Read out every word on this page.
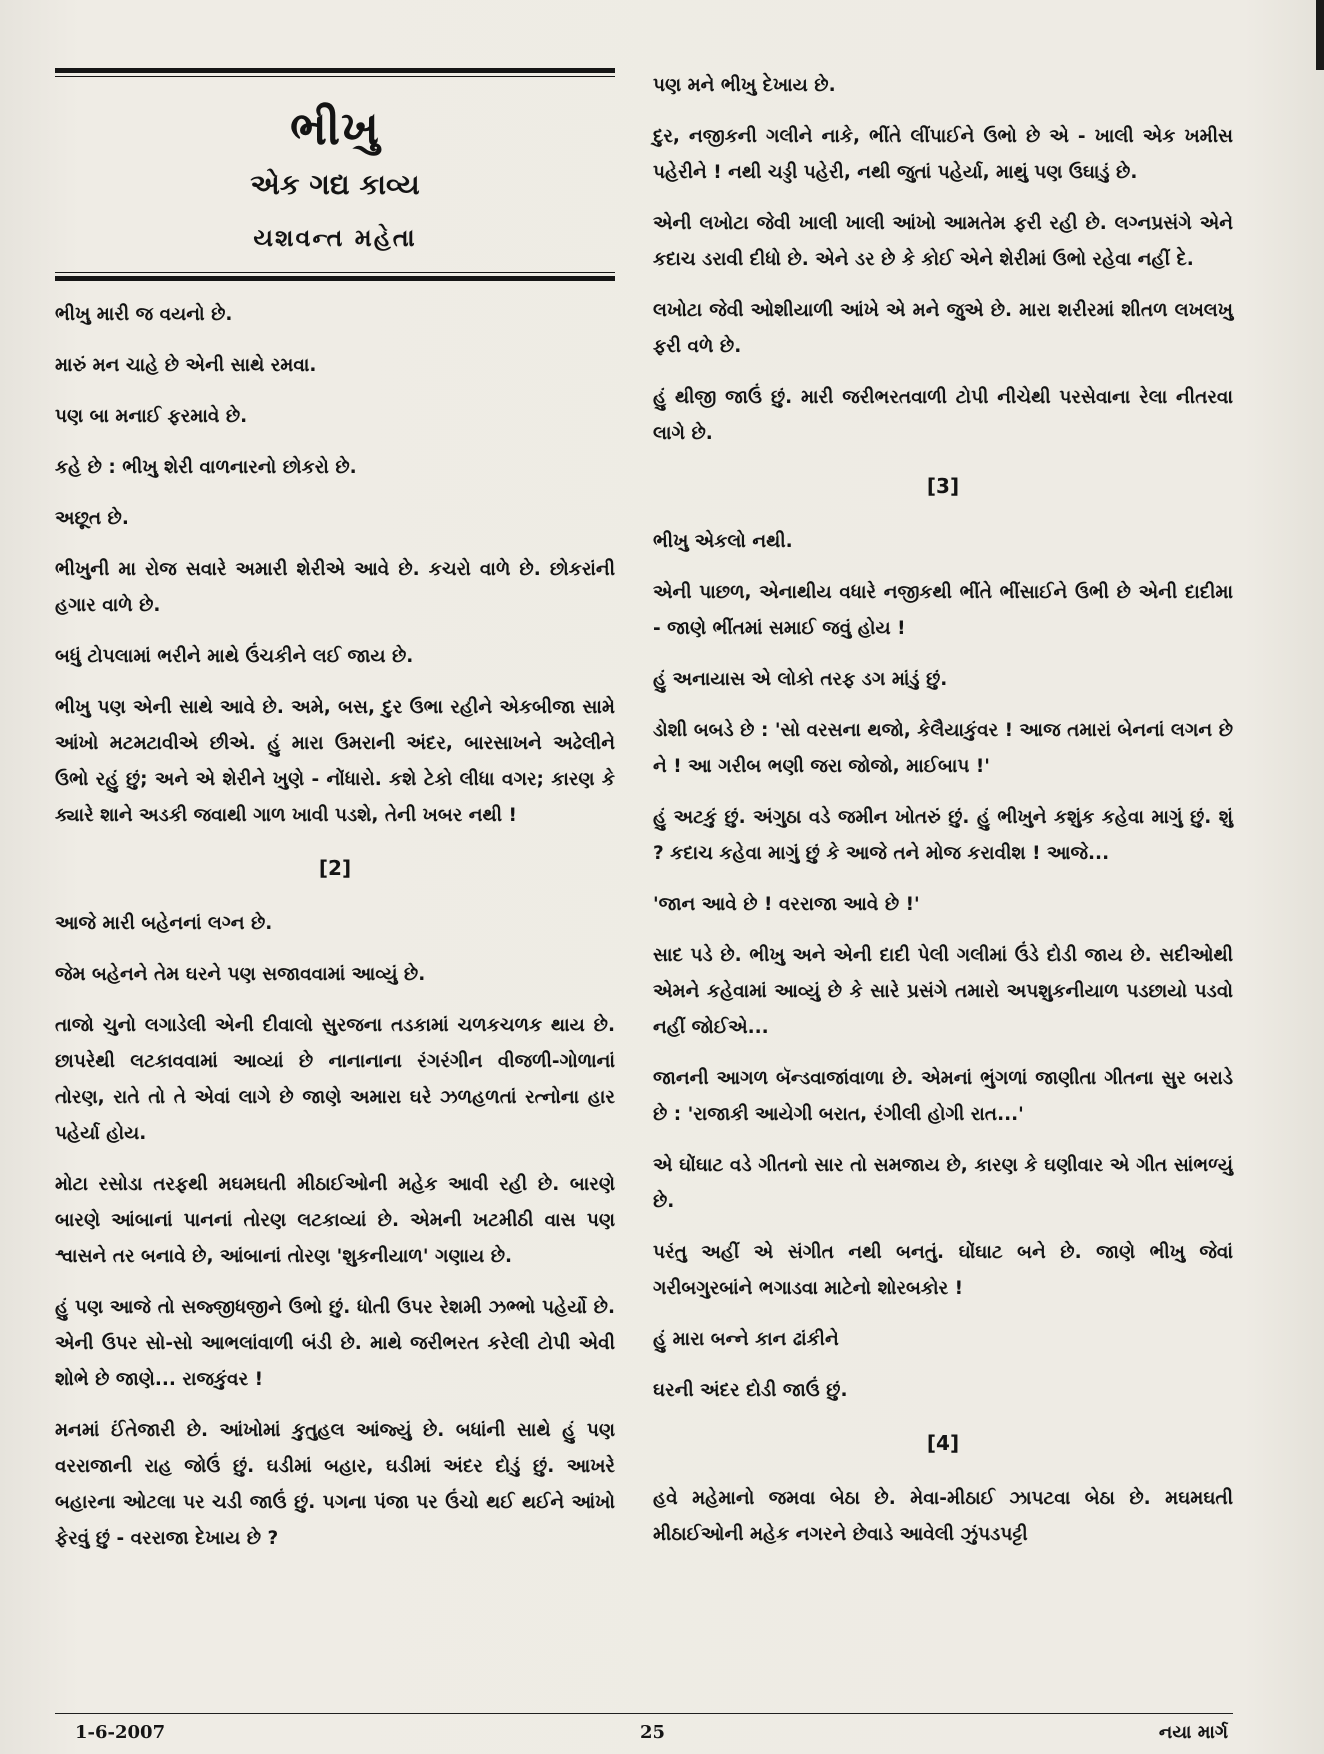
ભીખુ
એક ગદ્ય કાવ્ય
યશવન્ત મહેતા

ભીખુ મારી જ વયનો છે.

મારું મન ચાહે છે એની સાથે રમવા.

પણ બા મનાઈ ફરમાવે છે.

કહે છે : ભીખુ શેરી વાળનારનો છોકરો છે.

અછૂત છે.

ભીખુની મા રોજ સવારે અમારી શેરીએ આવે છે. કચરો વાળે છે. છોકરાંની હગાર વાળે છે.

બધું ટોપલામાં ભરીને માથે ઉંચકીને લઈ જાય છે.

ભીખુ પણ એની સાથે આવે છે. અમે, બસ, દુર ઉભા રહીને એકબીજા સામે આંખો મટમટાવીએ છીએ. હું મારા ઉમરાની અંદર, બારસાખને અઢેલીને ઉભો રહું છું; અને એ શેરીને ખુણે - નોંધારો. કશે ટેકો લીધા વગર; કારણ કે ક્યારે શાને અડકી જવાથી ગાળ ખાવી પડશે, તેની ખબર નથી !

[2]

આજે મારી બહેનનાં લગ્ન છે.

જેમ બહેનને તેમ ઘરને પણ સજાવવામાં આવ્યું છે.

તાજો ચુનો લગાડેલી એની દીવાલો સુરજના તડકામાં ચળકચળક થાય છે. છાપરેથી લટકાવવામાં આવ્યાં છે નાનાનાના રંગરંગીન વીજળી-ગોળાનાં તોરણ, રાતે તો તે એવાં લાગે છે જાણે અમારા ઘરે ઝળહળતાં રત્નોના હાર પહેર્યા હોય.

મોટા રસોડા તરફથી મઘમઘતી મીઠાઈઓની મહેક આવી રહી છે. બારણે બારણે આંબાનાં પાનનાં તોરણ લટકાવ્યાં છે. એમની ખટમીઠી વાસ પણ શ્વાસને તર બનાવે છે, આંબાનાં તોરણ 'શુકનીયાળ' ગણાય છે.

હું પણ આજે તો સજ્જીધજીને ઉભો છું. ધોતી ઉપર રેશમી ઝભ્ભો પહેર્યો છે. એની ઉપર સો-સો આભલાંવાળી બંડી છે. માથે જરીભરત કરેલી ટોપી એવી શોભે છે જાણે... રાજકુંવર !

મનમાં ઈંતેજારી છે. આંખોમાં કુતુહલ આંજ્યું છે. બધાંની સાથે હું પણ વરરાજાની રાહ જોઉં છું. ઘડીમાં બહાર, ઘડીમાં અંદર દોડું છું. આખરે બહારના ઓટલા પર ચડી જાઉં છું. પગના પંજા પર ઉંચો થઈ થઈને આંખો ફેરવું છું - વરરાજા દેખાય છે ?

પણ મને ભીખુ દેખાય છે.

દુર, નજીકની ગલીને નાકે, ભીંતે લીંપાઈને ઉભો છે એ - ખાલી એક ખમીસ પહેરીને ! નથી ચડ્ડી પહેરી, નથી જુતાં પહેર્યા, માથું પણ ઉઘાડું છે.

એની લખોટા જેવી ખાલી ખાલી આંખો આમતેમ ફરી રહી છે. લગ્નપ્રસંગે એને કદાચ ડરાવી દીધો છે. એને ડર છે કે કોઈ એને શેરીમાં ઉભો રહેવા નહીં દે.

લખોટા જેવી ઓશીયાળી આંખે એ મને જુએ છે. મારા શરીરમાં શીતળ લખલખુ ફરી વળે છે.

હું થીજી જાઉં છું. મારી જરીભરતવાળી ટોપી નીચેથી પરસેવાના રેલા નીતરવા લાગે છે.

[3]

ભીખુ એકલો નથી.

એની પાછળ, એનાથીય વધારે નજીકથી ભીંતે ભીંસાઈને ઉભી છે એની દાદીમા - જાણે ભીંતમાં સમાઈ જવું હોય !

હું અનાયાસ એ લોકો તરફ ડગ માંડું છું.

ડોશી બબડે છે : 'સો વરસના થજો, કેલૈયાકુંવર ! આજ તમારાં બેનનાં લગન છે ને ! આ ગરીબ ભણી જરા જોજો, માઈબાપ !'

હું અટકું છું. અંગુઠા વડે જમીન ખોતરું છું. હું ભીખુને કશુંક કહેવા માગું છું. શું ? કદાચ કહેવા માગું છું કે આજે તને મોજ કરાવીશ ! આજે...

'જાન આવે છે ! વરરાજા આવે છે !'

સાદ પડે છે. ભીખુ અને એની દાદી પેલી ગલીમાં ઉંડે દોડી જાય છે. સદીઓથી એમને કહેવામાં આવ્યું છે કે સારે પ્રસંગે તમારો અપશુકનીયાળ પડછાયો પડવો નહીં જોઈએ...

જાનની આગળ બૅન્ડવાજાંવાળા છે. એમનાં ભુંગળાં જાણીતા ગીતના સુર બરાડે છે : 'રાજાકી આયેગી બરાત, રંગીલી હોગી રાત...'

એ ઘોંઘાટ વડે ગીતનો સાર તો સમજાય છે, કારણ કે ઘણીવાર એ ગીત સાંભળ્યું છે.

પરંતુ અહીં એ સંગીત નથી બનતું. ઘોંઘાટ બને છે. જાણે ભીખુ જેવાં ગરીબગુરબાંને ભગાડવા માટેનો શોરબકોર !

હું મારા બન્ને કાન ઢાંકીને

ઘરની અંદર દોડી જાઉં છું.

[4]

હવે મહેમાનો જમવા બેઠા છે. મેવા-મીઠાઈ ઝાપટવા બેઠા છે. મઘમઘતી મીઠાઈઓની મહેક નગરને છેવાડે આવેલી ઝુંપડપટ્ટી

1-6-2007	25	નયા માર્ગ
